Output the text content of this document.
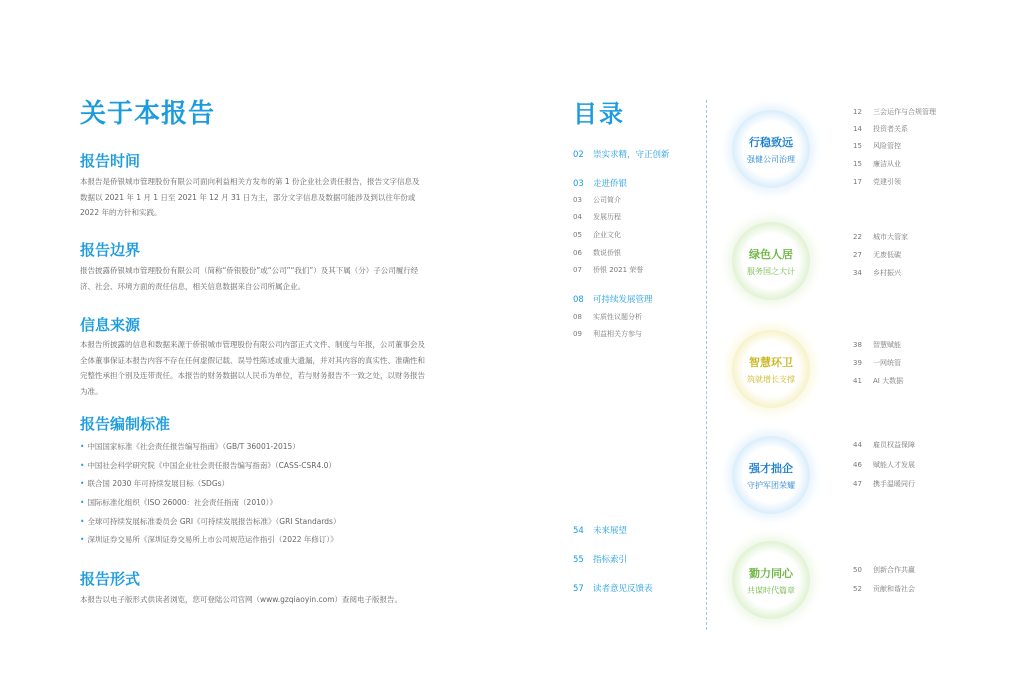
关于本报告
报告时间
本报告是侨银城市管理股份有限公司面向利益相关方发布的第 1 份企业社会责任报告，报告文字信息及数据以 2021 年 1 月 1 日至 2021 年 12 月 31 日为主，部分文字信息及数据可能涉及到以往年份或 2022 年的方针和实践。
报告边界
报告披露侨银城市管理股份有限公司（简称“侨银股份”或“公司”“我们”）及其下属（分）子公司履行经济、社会、环境方面的责任信息，相关信息数据来自公司所属企业。
信息来源
本报告所披露的信息和数据来源于侨银城市管理股份有限公司内部正式文件、制度与年报，公司董事会及全体董事保证本报告内容不存在任何虚假记载、误导性陈述或重大遗漏，并对其内容的真实性、准确性和完整性承担个别及连带责任。本报告的财务数据以人民币为单位，若与财务报告不一致之处，以财务报告为准。
报告编制标准
• 中国国家标准《社会责任报告编写指南》（GB/T 36001-2015）
• 中国社会科学研究院《中国企业社会责任报告编写指南》（CASS-CSR4.0）
• 联合国 2030 年可持续发展目标（SDGs）
• 国际标准化组织《ISO 26000：社会责任指南（2010）》
• 全球可持续发展标准委员会 GRI《可持续发展报告标准》（GRI Standards）
• 深圳证券交易所《深圳证券交易所上市公司规范运作指引（2022 年修订）》
报告形式
本报告以电子版形式供读者浏览，您可登陆公司官网（www.gzqiaoyin.com）查阅电子版报告。
目录
02 崇实求精，守正创新
03 走进侨银
03 公司简介
04 发展历程
05 企业文化
06 数说侨银
07 侨银 2021 荣誉
08 可持续发展管理
08 实质性议题分析
09 利益相关方参与
54 未来展望
55 指标索引
57 读者意见反馈表
行稳致远
强健公司治理
绿色人居
服务国之大计
智慧环卫
筑就增长支撑
强才拙企
守护军团荣耀
勠力同心
共谋时代篇章
12 三会运作与合规管理
14 投资者关系
15 风险管控
15 廉洁从业
17 党建引领
22 城市大管家
27 无废低碳
34 乡村振兴
38 智慧赋能
39 一网统管
41 AI 大数据
44 雇员权益保障
46 赋能人才发展
47 携手温暖同行
50 创新合作共赢
52 贡献和谐社会
